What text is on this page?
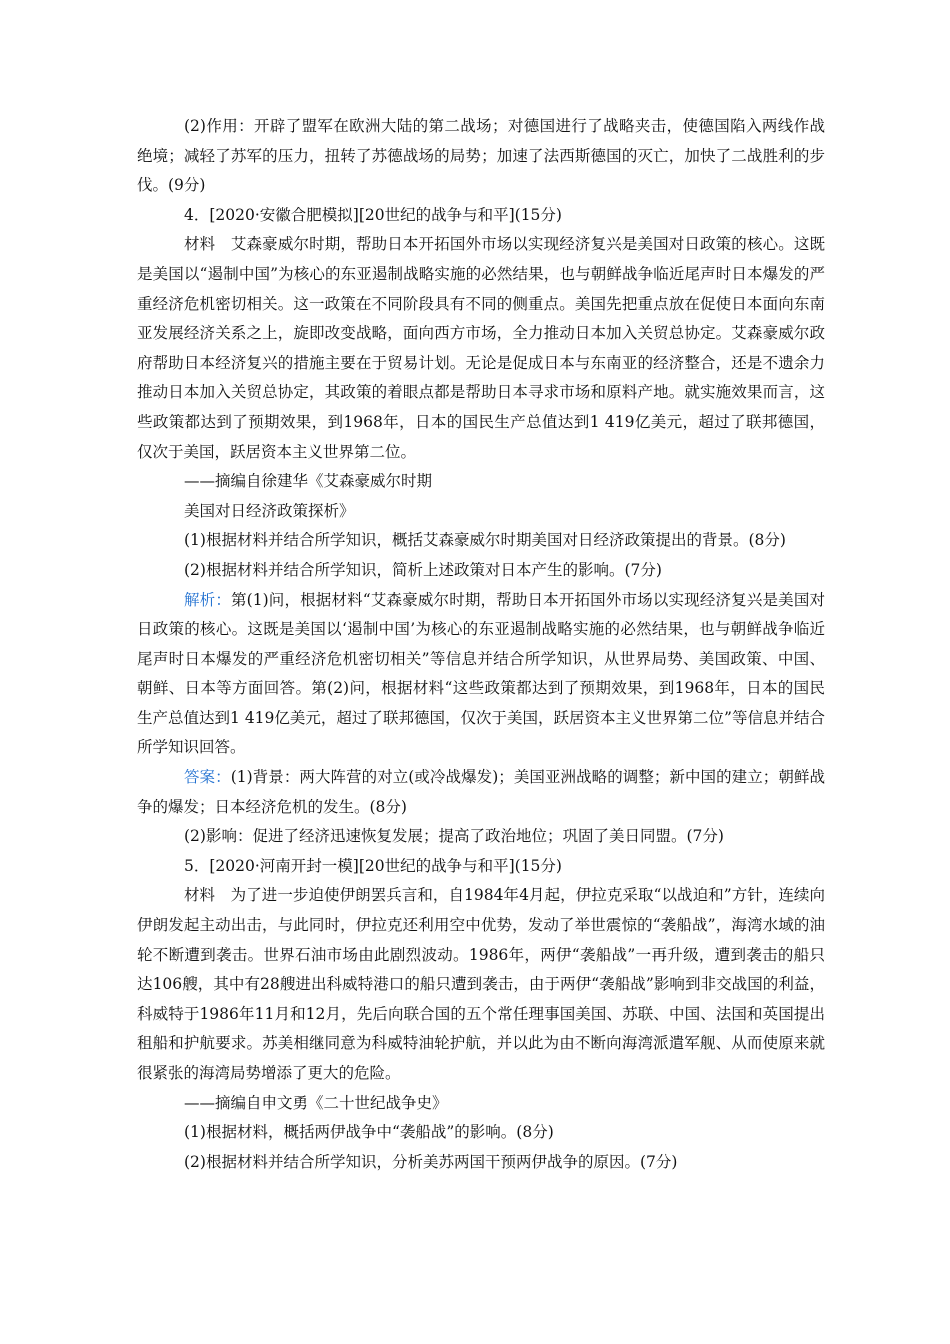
(2)作用：开辟了盟军在欧洲大陆的第二战场；对德国进行了战略夹击，使德国陷入两线作战绝境；减轻了苏军的压力，扭转了苏德战场的局势；加速了法西斯德国的灭亡，加快了二战胜利的步伐。(9分)

4．[2020·安徽合肥模拟][20世纪的战争与和平](15分)

材料　艾森豪威尔时期，帮助日本开拓国外市场以实现经济复兴是美国对日政策的核心。这既是美国以“遏制中国”为核心的东亚遏制战略实施的必然结果，也与朝鲜战争临近尾声时日本爆发的严重经济危机密切相关。这一政策在不同阶段具有不同的侧重点。美国先把重点放在促使日本面向东南亚发展经济关系之上，旋即改变战略，面向西方市场，全力推动日本加入关贸总协定。艾森豪威尔政府帮助日本经济复兴的措施主要在于贸易计划。无论是促成日本与东南亚的经济整合，还是不遗余力推动日本加入关贸总协定，其政策的着眼点都是帮助日本寻求市场和原料产地。就实施效果而言，这些政策都达到了预期效果，到1968年，日本的国民生产总值达到1 419亿美元，超过了联邦德国，仅次于美国，跃居资本主义世界第二位。

——摘编自徐建华《艾森豪威尔时期

美国对日经济政策探析》

(1)根据材料并结合所学知识，概括艾森豪威尔时期美国对日经济政策提出的背景。(8分)

(2)根据材料并结合所学知识，简析上述政策对日本产生的影响。(7分)

解析：第(1)问，根据材料“艾森豪威尔时期，帮助日本开拓国外市场以实现经济复兴是美国对日政策的核心。这既是美国以‘遏制中国’为核心的东亚遏制战略实施的必然结果，也与朝鲜战争临近尾声时日本爆发的严重经济危机密切相关”等信息并结合所学知识，从世界局势、美国政策、中国、朝鲜、日本等方面回答。第(2)问，根据材料“这些政策都达到了预期效果，到1968年，日本的国民生产总值达到1 419亿美元，超过了联邦德国，仅次于美国，跃居资本主义世界第二位”等信息并结合所学知识回答。

答案：(1)背景：两大阵营的对立(或冷战爆发)；美国亚洲战略的调整；新中国的建立；朝鲜战争的爆发；日本经济危机的发生。(8分)

(2)影响：促进了经济迅速恢复发展；提高了政治地位；巩固了美日同盟。(7分)

5．[2020·河南开封一模][20世纪的战争与和平](15分)

材料　为了进一步迫使伊朗罢兵言和，自1984年4月起，伊拉克采取“以战迫和”方针，连续向伊朗发起主动出击，与此同时，伊拉克还利用空中优势，发动了举世震惊的“袭船战”，海湾水域的油轮不断遭到袭击。世界石油市场由此剧烈波动。1986年，两伊“袭船战”一再升级，遭到袭击的船只达106艘，其中有28艘进出科威特港口的船只遭到袭击，由于两伊“袭船战”影响到非交战国的利益，科威特于1986年11月和12月，先后向联合国的五个常任理事国美国、苏联、中国、法国和英国提出租船和护航要求。苏美相继同意为科威特油轮护航，并以此为由不断向海湾派遣军舰、从而使原来就很紧张的海湾局势增添了更大的危险。

——摘编自申文勇《二十世纪战争史》

(1)根据材料，概括两伊战争中“袭船战”的影响。(8分)

(2)根据材料并结合所学知识，分析美苏两国干预两伊战争的原因。(7分)
